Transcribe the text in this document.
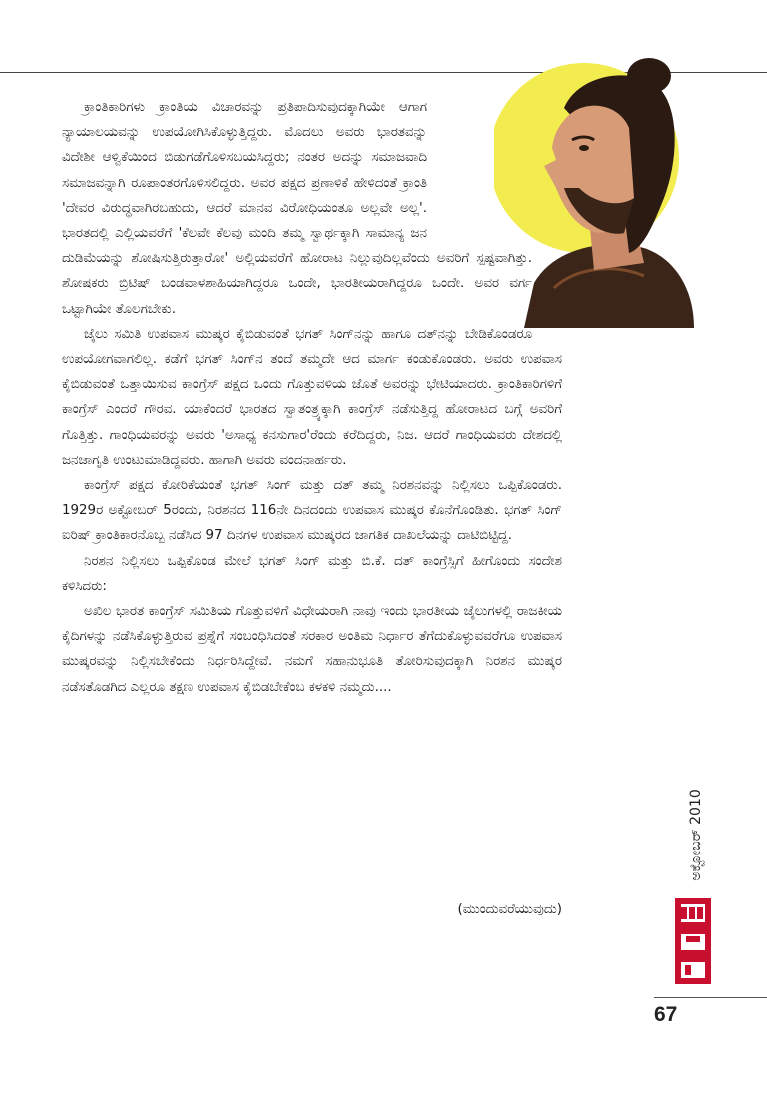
ಕ್ರಾಂತಿಕಾರಿಗಳು ಕ್ರಾಂತಿಯ ವಿಚಾರವನ್ನು ಪ್ರತಿಪಾದಿಸುವುದಕ್ಕಾಗಿಯೇ ಆಗಾಗ ನ್ಯಾಯಾಲಯವನ್ನು ಉಪಯೋಗಿಸಿಕೊಳ್ಳುತ್ತಿದ್ದರು. ಮೊದಲು ಅವರು ಭಾರತವನ್ನು ವಿದೇಶೀ ಆಳ್ವಿಕೆಯಿಂದ ಬಿಡುಗಡೆಗೊಳಿಸಬಯಸಿದ್ದರು; ನಂತರ ಅದನ್ನು ಸಮಾಜವಾದಿ ಸಮಾಜವನ್ನಾಗಿ ರೂಪಾಂತರಗೊಳಿಸಲಿದ್ದರು. ಅವರ ಪಕ್ಷದ ಪ್ರಣಾಳಿಕೆ ಹೇಳಿದಂತೆ ಕ್ರಾಂತಿ 'ದೇವರ ವಿರುದ್ಧವಾಗಿರಬಹುದು, ಆದರೆ ಮಾನವ ವಿರೋಧಿಯಂತೂ ಅಲ್ಲವೇ ಅಲ್ಲ'. ಭಾರತದಲ್ಲಿ ಎಲ್ಲಿಯವರೆಗೆ 'ಕೆಲವೇ ಕೆಲವು ಮಂದಿ ತಮ್ಮ ಸ್ವಾರ್ಥಕ್ಕಾಗಿ ಸಾಮಾನ್ಯ ಜನ ದುಡಿಮೆಯನ್ನು ಶೋಷಿಸುತ್ತಿರುತ್ತಾರೋ' ಅಲ್ಲಿಯವರೆಗೆ ಹೋರಾಟ ನಿಲ್ಲುವುದಿಲ್ಲವೆಂದು ಅವರಿಗೆ ಸ್ಪಷ್ಟವಾಗಿತ್ತು. ಶೋಷಕರು ಬ್ರಿಟಿಷ್ ಬಂಡವಾಳಶಾಹಿಯಾಗಿದ್ದರೂ ಒಂದೇ, ಭಾರತೀಯರಾಗಿದ್ದರೂ ಒಂದೇ. ಅವರ ವರ್ಗ ಒಟ್ಟಾಗಿಯೇ ತೊಲಗಬೇಕು.

ಜೈಲು ಸಮಿತಿ ಉಪವಾಸ ಮುಷ್ಕರ ಕೈಬಿಡುವಂತೆ ಭಗತ್ ಸಿಂಗ್‌ನನ್ನು ಹಾಗೂ ದತ್‌ನನ್ನು ಬೇಡಿಕೊಂಡರೂ ಉಪಯೋಗವಾಗಲಿಲ್ಲ. ಕಡೆಗೆ ಭಗತ್ ಸಿಂಗ್‌ನ ತಂದೆ ತಮ್ಮದೇ ಆದ ಮಾರ್ಗ ಕಂಡುಕೊಂಡರು. ಅವರು ಉಪವಾಸ ಕೈಬಿಡುವಂತೆ ಒತ್ತಾಯಿಸುವ ಕಾಂಗ್ರೆಸ್ ಪಕ್ಷದ ಒಂದು ಗೊತ್ತುವಳಿಯ ಜೊತೆ ಅವರನ್ನು ಭೇಟಿಯಾದರು. ಕ್ರಾಂತಿಕಾರಿಗಳಿಗೆ ಕಾಂಗ್ರೆಸ್ ಎಂದರೆ ಗೌರವ. ಯಾಕೆಂದರೆ ಭಾರತದ ಸ್ವಾತಂತ್ರ್ಯಕ್ಕಾಗಿ ಕಾಂಗ್ರೆಸ್ ನಡೆಸುತ್ತಿದ್ದ ಹೋರಾಟದ ಬಗ್ಗೆ ಅವರಿಗೆ ಗೊತ್ತಿತ್ತು. ಗಾಂಧಿಯವರನ್ನು ಅವರು 'ಅಸಾಧ್ಯ ಕನಸುಗಾರ'ರೆಂದು ಕರೆದಿದ್ದರು, ನಿಜ. ಆದರೆ ಗಾಂಧಿಯವರು ದೇಶದಲ್ಲಿ ಜನಜಾಗೃತಿ ಉಂಟುಮಾಡಿದ್ದವರು. ಹಾಗಾಗಿ ಅವರು ವಂದನಾರ್ಹರು.

ಕಾಂಗ್ರೆಸ್ ಪಕ್ಷದ ಕೋರಿಕೆಯಂತೆ ಭಗತ್ ಸಿಂಗ್ ಮತ್ತು ದತ್ ತಮ್ಮ ನಿರಶನವನ್ನು ನಿಲ್ಲಿಸಲು ಒಪ್ಪಿಕೊಂಡರು. 1929ರ ಅಕ್ಟೋಬರ್ 5ರಂದು, ನಿರಶನದ 116ನೇ ದಿನದಂದು ಉಪವಾಸ ಮುಷ್ಕರ ಕೊನೆಗೊಂಡಿತು. ಭಗತ್ ಸಿಂಗ್ ಐರಿಷ್ ಕ್ರಾಂತಿಕಾರನೊಬ್ಬ ನಡೆಸಿದ 97 ದಿನಗಳ ಉಪವಾಸ ಮುಷ್ಕರದ ಜಾಗತಿಕ ದಾಖಲೆಯನ್ನು ದಾಟಿಬಿಟ್ಟಿದ್ದ.

ನಿರಶನ ನಿಲ್ಲಿಸಲು ಒಪ್ಪಿಕೊಂಡ ಮೇಲೆ ಭಗತ್ ಸಿಂಗ್ ಮತ್ತು ಬಿ.ಕೆ. ದತ್ ಕಾಂಗ್ರೆಸ್ಸಿಗೆ ಹೀಗೊಂದು ಸಂದೇಶ ಕಳಿಸಿದರು:

ಅಖಿಲ ಭಾರತ ಕಾಂಗ್ರೆಸ್ ಸಮಿತಿಯ ಗೊತ್ತುವಳಿಗೆ ವಿಧೇಯರಾಗಿ ನಾವು ಇಂದು ಭಾರತೀಯ ಜೈಲುಗಳಲ್ಲಿ ರಾಜಕೀಯ ಕೈದಿಗಳನ್ನು ನಡೆಸಿಕೊಳ್ಳುತ್ತಿರುವ ಪ್ರಶ್ನೆಗೆ ಸಂಬಂಧಿಸಿದಂತೆ ಸರಕಾರ ಅಂತಿಮ ನಿರ್ಧಾರ ತೆಗೆದುಕೊಳ್ಳುವವರೆಗೂ ಉಪವಾಸ ಮುಷ್ಕರವನ್ನು ನಿಲ್ಲಿಸಬೇಕೆಂದು ನಿರ್ಧರಿಸಿದ್ದೇವೆ. ನಮಗೆ ಸಹಾನುಭೂತಿ ತೋರಿಸುವುದಕ್ಕಾಗಿ ನಿರಶನ ಮುಷ್ಕರ ನಡೆಸತೊಡಗಿದ ಎಲ್ಲರೂ ತಕ್ಷಣ ಉಪವಾಸ ಕೈಬಿಡಬೇಕೆಂಬ ಕಳಕಳಿ ನಮ್ಮದು....

(ಮುಂದುವರೆಯುವುದು)
ಅಕ್ಟೋಬರ್ 2010
67
